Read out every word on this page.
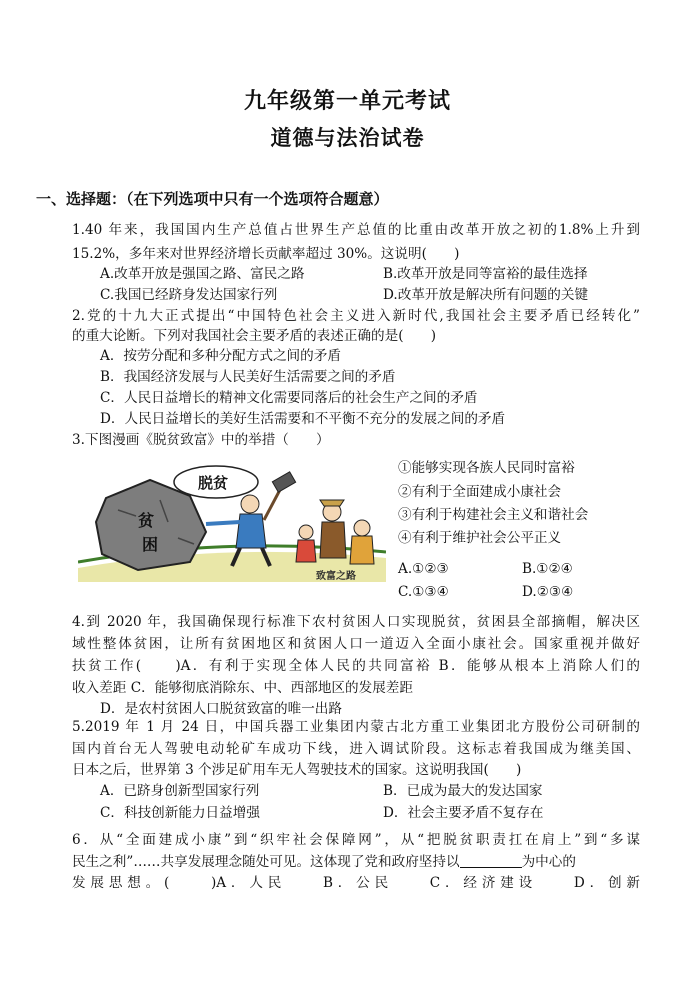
九年级第一单元考试
道德与法治试卷
一、选择题：（在下列选项中只有一个选项符合题意）
1.40 年来，我国国内生产总值占世界生产总值的比重由改革开放之初的1.8%上升到
15.2%，多年来对世界经济增长贡献率超过 30%。这说明(　　)
A.改革开放是强国之路、富民之路	B.改革开放是同等富裕的最佳选择
C.我国已经跻身发达国家行列	D.改革开放是解决所有问题的关键
2.党的十九大正式提出“中国特色社会主义进入新时代,我国社会主要矛盾已经转化”
的重大论断。下列对我国社会主要矛盾的表述正确的是(　　)
A．按劳分配和多种分配方式之间的矛盾
B．我国经济发展与人民美好生活需要之间的矛盾
C．人民日益增长的精神文化需要同落后的社会生产之间的矛盾
D．人民日益增长的美好生活需要和不平衡不充分的发展之间的矛盾
3.下图漫画《脱贫致富》中的举措（　　）
贫
困
脱贫
致富之路
①能够实现各族人民同时富裕
②有利于全面建成小康社会
③有利于构建社会主义和谐社会
④有利于维护社会公平正义
A.①②③	B.①②④
C.①③④	D.②③④
4.到 2020 年，我国确保现行标准下农村贫困人口实现脱贫，贫困县全部摘帽，解决区
域性整体贫困，让所有贫困地区和贫困人口一道迈入全面小康社会。国家重视并做好
扶贫工作(　　)A．有利于实现全体人民的共同富裕 B．能够从根本上消除人们的
收入差距 C．能够彻底消除东、中、西部地区的发展差距
D．是农村贫困人口脱贫致富的唯一出路
5.2019 年 1 月 24 日，中国兵器工业集团内蒙古北方重工业集团北方股份公司研制的
国内首台无人驾驶电动轮矿车成功下线，进入调试阶段。这标志着我国成为继美国、
日本之后，世界第 3 个涉足矿用车无人驾驶技术的国家。这说明我国(　　)
A．已跻身创新型国家行列	B．已成为最大的发达国家
C．科技创新能力日益增强	D．社会主要矛盾不复存在
6．从“全面建成小康”到“织牢社会保障网”，从“把脱贫职责扛在肩上”到“多谋
民生之利”……共享发展理念随处可见。这体现了党和政府坚持以	为中心的
发展思想。(　　)A．人民　　B．公民　　C．经济建设　　D．创新
